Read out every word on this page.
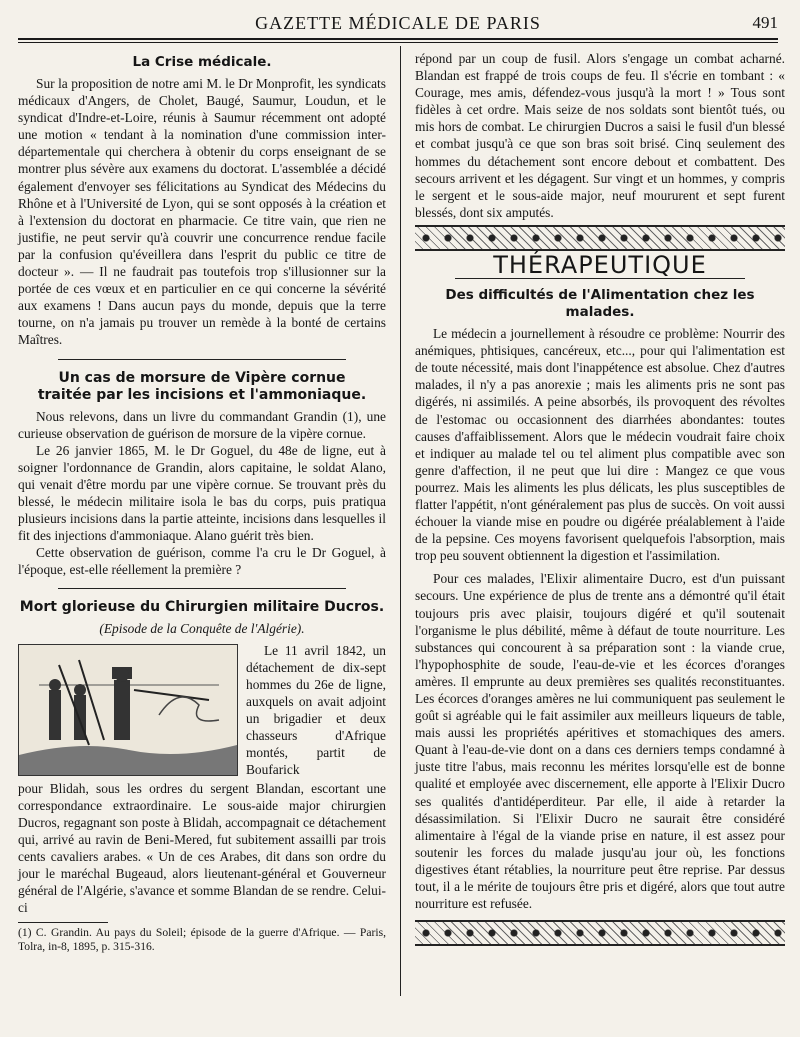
GAZETTE MÉDICALE DE PARIS	491
La Crise médicale.

Sur la proposition de notre ami M. le Dr Monprofit, les syndicats médicaux d'Angers, de Cholet, Baugé, Saumur, Loudun, et le syndicat d'Indre-et-Loire, réunis à Saumur récemment ont adopté une motion « tendant à la nomination d'une commission inter-départementale qui cherchera à obtenir du corps enseignant de se montrer plus sévère aux examens du doctorat. L'assemblée a décidé également d'envoyer ses félicitations au Syndicat des Médecins du Rhône et à l'Université de Lyon, qui se sont opposés à la création et à l'extension du doctorat en pharmacie. Ce titre vain, que rien ne justifie, ne peut servir qu'à couvrir une concurrence rendue facile par la confusion qu'éveillera dans l'esprit du public ce titre de docteur ». — Il ne faudrait pas toutefois trop s'illusionner sur la portée de ces vœux et en particulier en ce qui concerne la sévérité aux examens ! Dans aucun pays du monde, depuis que la terre tourne, on n'a jamais pu trouver un remède à la bonté de certains Maîtres.

Un cas de morsure de Vipère cornue
traitée par les incisions et l'ammoniaque.

Nous relevons, dans un livre du commandant Grandin (1), une curieuse observation de guérison de morsure de la vipère cornue.

Le 26 janvier 1865, M. le Dr Goguel, du 48e de ligne, eut à soigner l'ordonnance de Grandin, alors capitaine, le soldat Alano, qui venait d'être mordu par une vipère cornue. Se trouvant près du blessé, le médecin militaire isola le bas du corps, puis pratiqua plusieurs incisions dans la partie atteinte, incisions dans lesquelles il fit des injections d'ammoniaque. Alano guérit très bien.

Cette observation de guérison, comme l'a cru le Dr Goguel, à l'époque, est-elle réellement la première ?

Mort glorieuse du Chirurgien militaire Ducros.
(Episode de la Conquête de l'Algérie).

Le 11 avril 1842, un détachement de dix-sept hommes du 26e de ligne, auxquels on avait adjoint un brigadier et deux chasseurs d'Afrique montés, partit de Boufarick

pour Blidah, sous les ordres du sergent Blandan, escortant une correspondance extraordinaire. Le sous-aide major chirurgien Ducros, regagnant son poste à Blidah, accompagnait ce détachement qui, arrivé au ravin de Beni-Mered, fut subitement assailli par trois cents cavaliers arabes. « Un de ces Arabes, dit dans son ordre du jour le maréchal Bugeaud, alors lieutenant-général et Gouverneur général de l'Algérie, s'avance et somme Blandan de se rendre. Celui-ci

(1) C. Grandin. Au pays du Soleil; épisode de la guerre d'Afrique. — Paris, Tolra, in-8, 1895, p. 315-316.

répond par un coup de fusil. Alors s'engage un combat acharné. Blandan est frappé de trois coups de feu. Il s'écrie en tombant : « Courage, mes amis, défendez-vous jusqu'à la mort ! » Tous sont fidèles à cet ordre. Mais seize de nos soldats sont bientôt tués, ou mis hors de combat. Le chirurgien Ducros a saisi le fusil d'un blessé et combat jusqu'à ce que son bras soit brisé. Cinq seulement des hommes du détachement sont encore debout et combattent. Des secours arrivent et les dégagent. Sur vingt et un hommes, y compris le sergent et le sous-aide major, neuf moururent et sept furent blessés, dont six amputés.

THÉRAPEUTIQUE
Des difficultés de l'Alimentation chez les malades.

Le médecin a journellement à résoudre ce problème: Nourrir des anémiques, phtisiques, cancéreux, etc..., pour qui l'alimentation est de toute nécessité, mais dont l'inappétence est absolue. Chez d'autres malades, il n'y a pas anorexie ; mais les aliments pris ne sont pas digérés, ni assimilés. A peine absorbés, ils provoquent des révoltes de l'estomac ou occasionnent des diarrhées abondantes: toutes causes d'affaiblissement. Alors que le médecin voudrait faire choix et indiquer au malade tel ou tel aliment plus compatible avec son genre d'affection, il ne peut que lui dire : Mangez ce que vous pourrez. Mais les aliments les plus délicats, les plus susceptibles de flatter l'appétit, n'ont généralement pas plus de succès. On voit aussi échouer la viande mise en poudre ou digérée préalablement à l'aide de la pepsine. Ces moyens favorisent quelquefois l'absorption, mais trop peu souvent obtiennent la digestion et l'assimilation.

Pour ces malades, l'Elixir alimentaire Ducro, est d'un puissant secours. Une expérience de plus de trente ans a démontré qu'il était toujours pris avec plaisir, toujours digéré et qu'il soutenait l'organisme le plus débilité, même à défaut de toute nourriture. Les substances qui concourent à sa préparation sont : la viande crue, l'hypophosphite de soude, l'eau-de-vie et les écorces d'oranges amères. Il emprunte au deux premières ses qualités reconstituantes. Les écorces d'oranges amères ne lui communiquent pas seulement le goût si agréable qui le fait assimiler aux meilleurs liqueurs de table, mais aussi les propriétés apéritives et stomachiques des amers. Quant à l'eau-de-vie dont on a dans ces derniers temps condamné à juste titre l'abus, mais reconnu les mérites lorsqu'elle est de bonne qualité et employée avec discernement, elle apporte à l'Elixir Ducro ses qualités d'antidéperditeur. Par elle, il aide à retarder la désassimilation. Si l'Elixir Ducro ne saurait être considéré alimentaire à l'égal de la viande prise en nature, il est assez pour soutenir les forces du malade jusqu'au jour où, les fonctions digestives étant rétablies, la nourriture peut être reprise. Par dessus tout, il a le mérite de toujours être pris et digéré, alors que tout autre nourriture est refusée.
